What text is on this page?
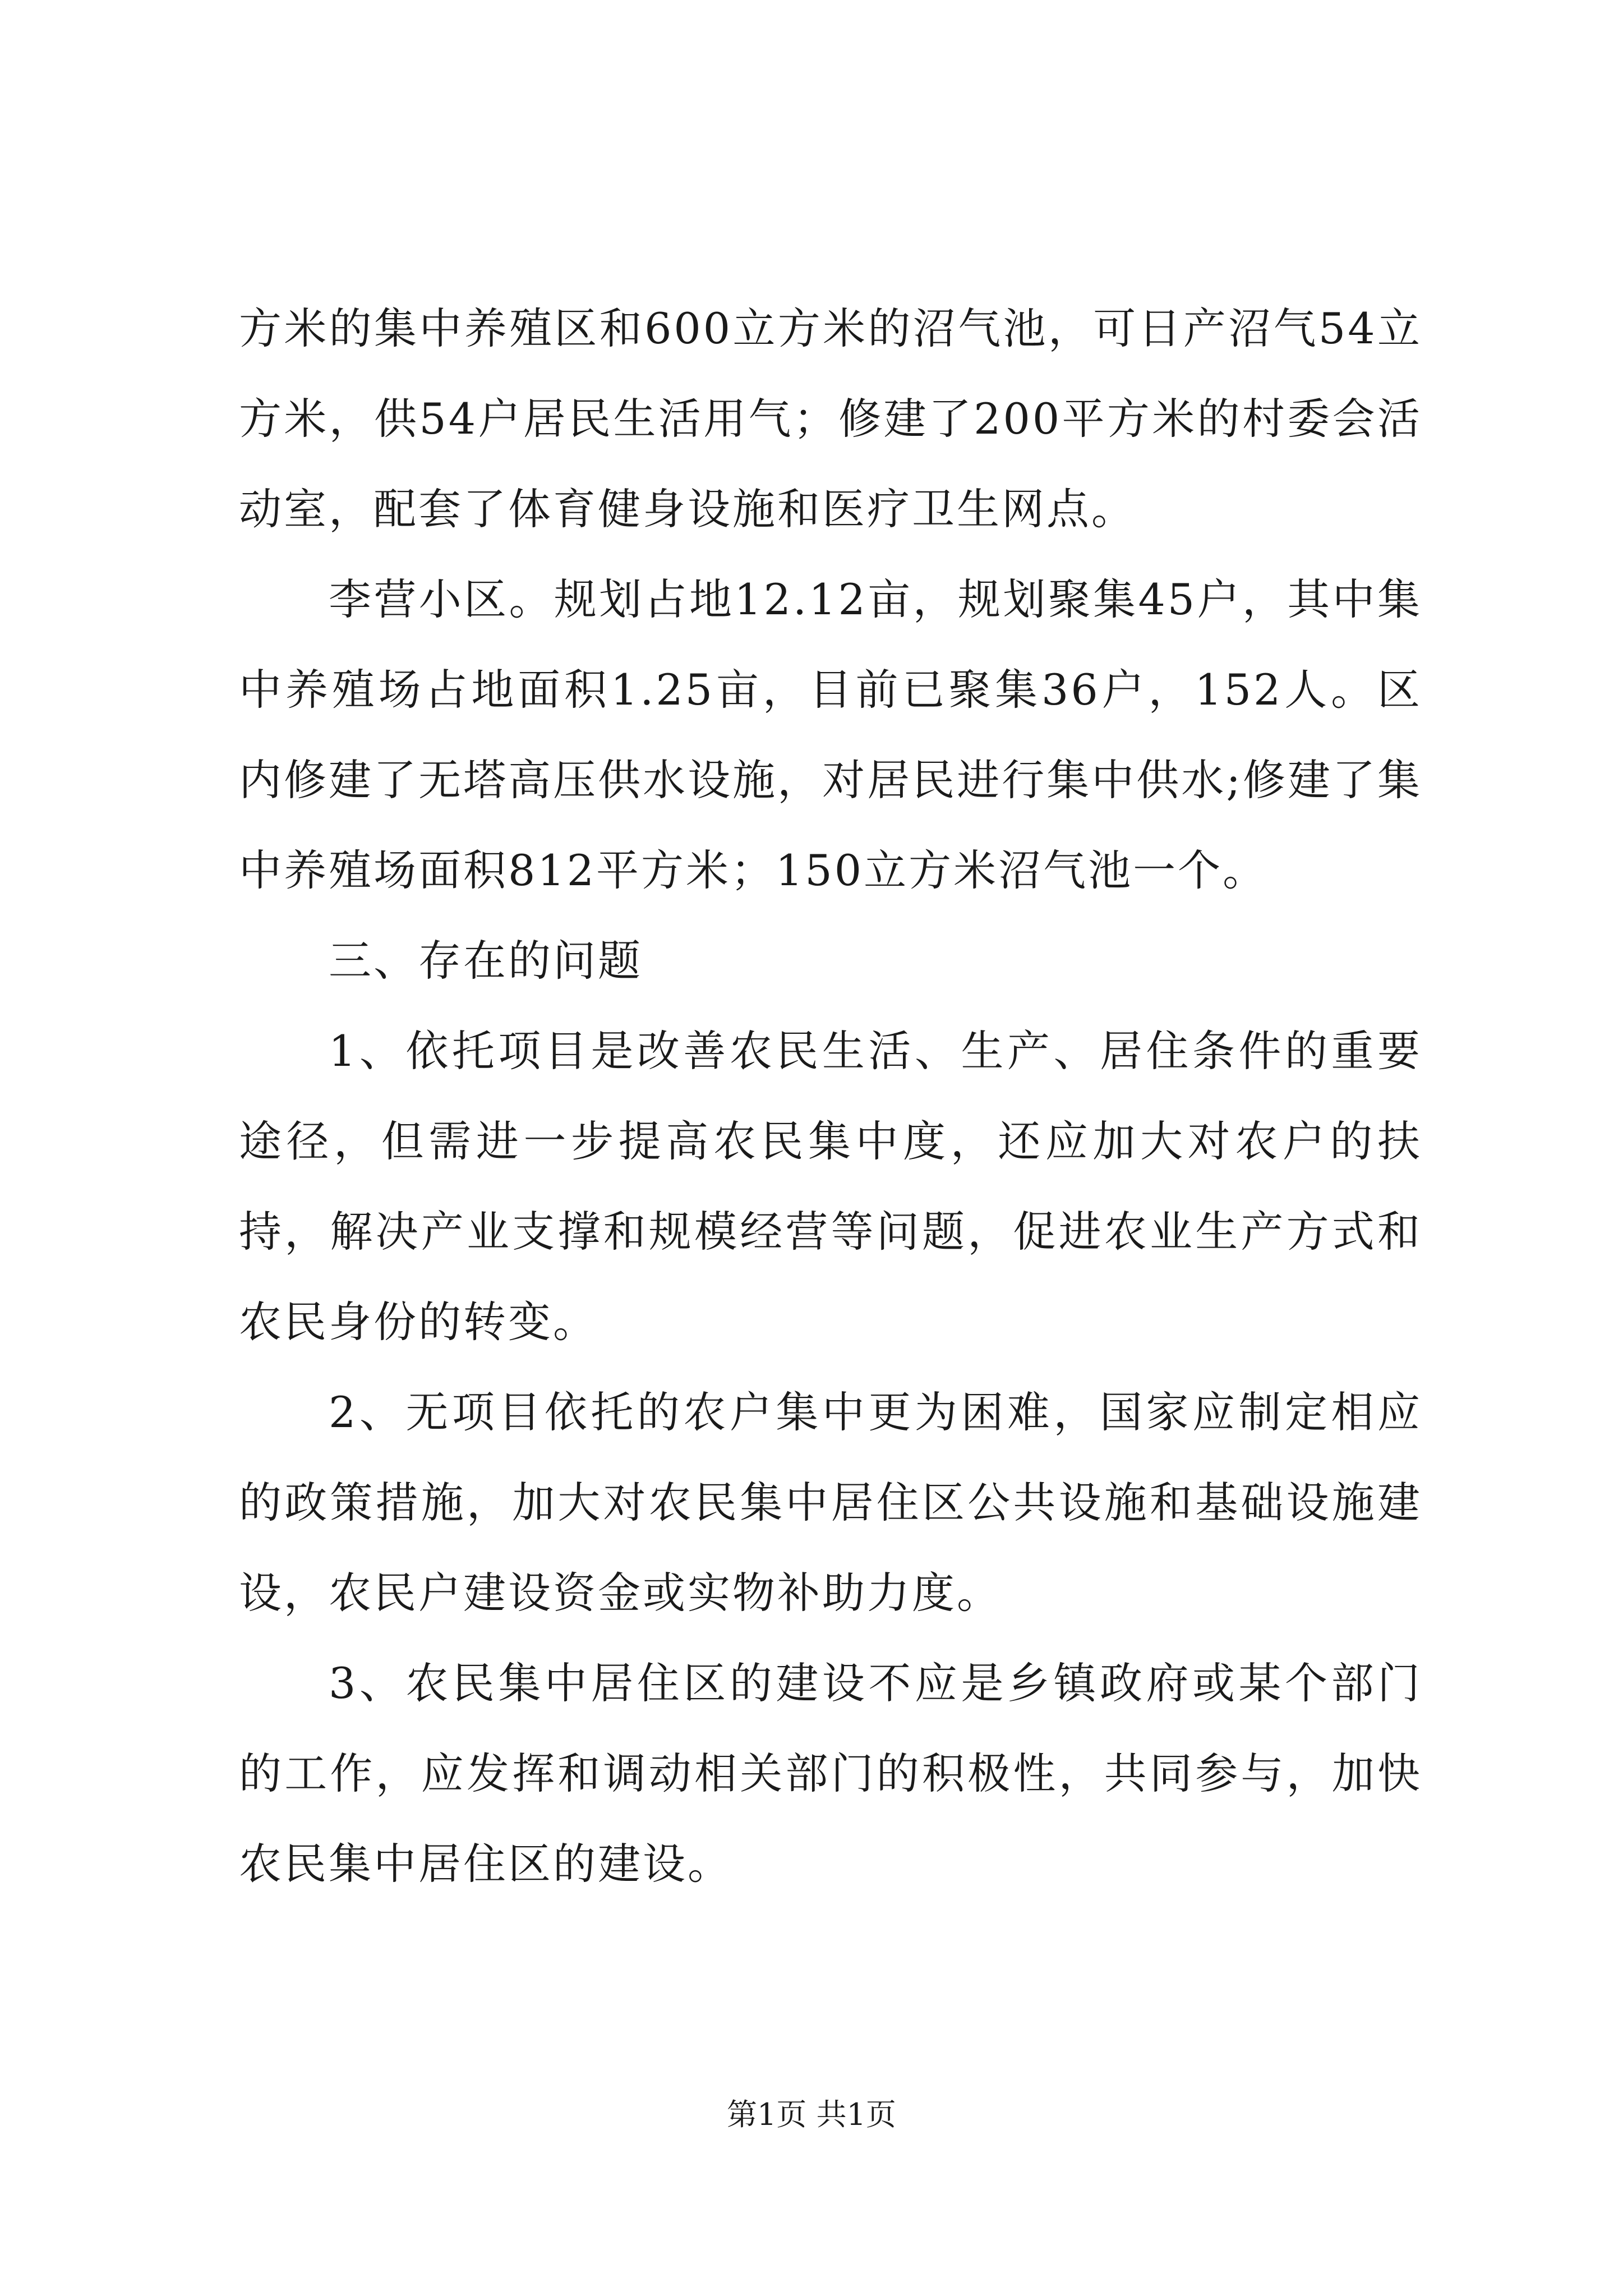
方米的集中养殖区和600立方米的沼气池，可日产沼气54立方米，供54户居民生活用气；修建了200平方米的村委会活动室，配套了体育健身设施和医疗卫生网点。

李营小区。规划占地12.12亩，规划聚集45户，其中集中养殖场占地面积1.25亩，目前已聚集36户，152人。区内修建了无塔高压供水设施，对居民进行集中供水;修建了集中养殖场面积812平方米；150立方米沼气池一个。

三、存在的问题

1、依托项目是改善农民生活、生产、居住条件的重要途径，但需进一步提高农民集中度，还应加大对农户的扶持，解决产业支撑和规模经营等问题，促进农业生产方式和农民身份的转变。

2、无项目依托的农户集中更为困难，国家应制定相应的政策措施，加大对农民集中居住区公共设施和基础设施建设，农民户建设资金或实物补助力度。

3、农民集中居住区的建设不应是乡镇政府或某个部门的工作，应发挥和调动相关部门的积极性，共同参与，加快农民集中居住区的建设。

第1页 共1页
